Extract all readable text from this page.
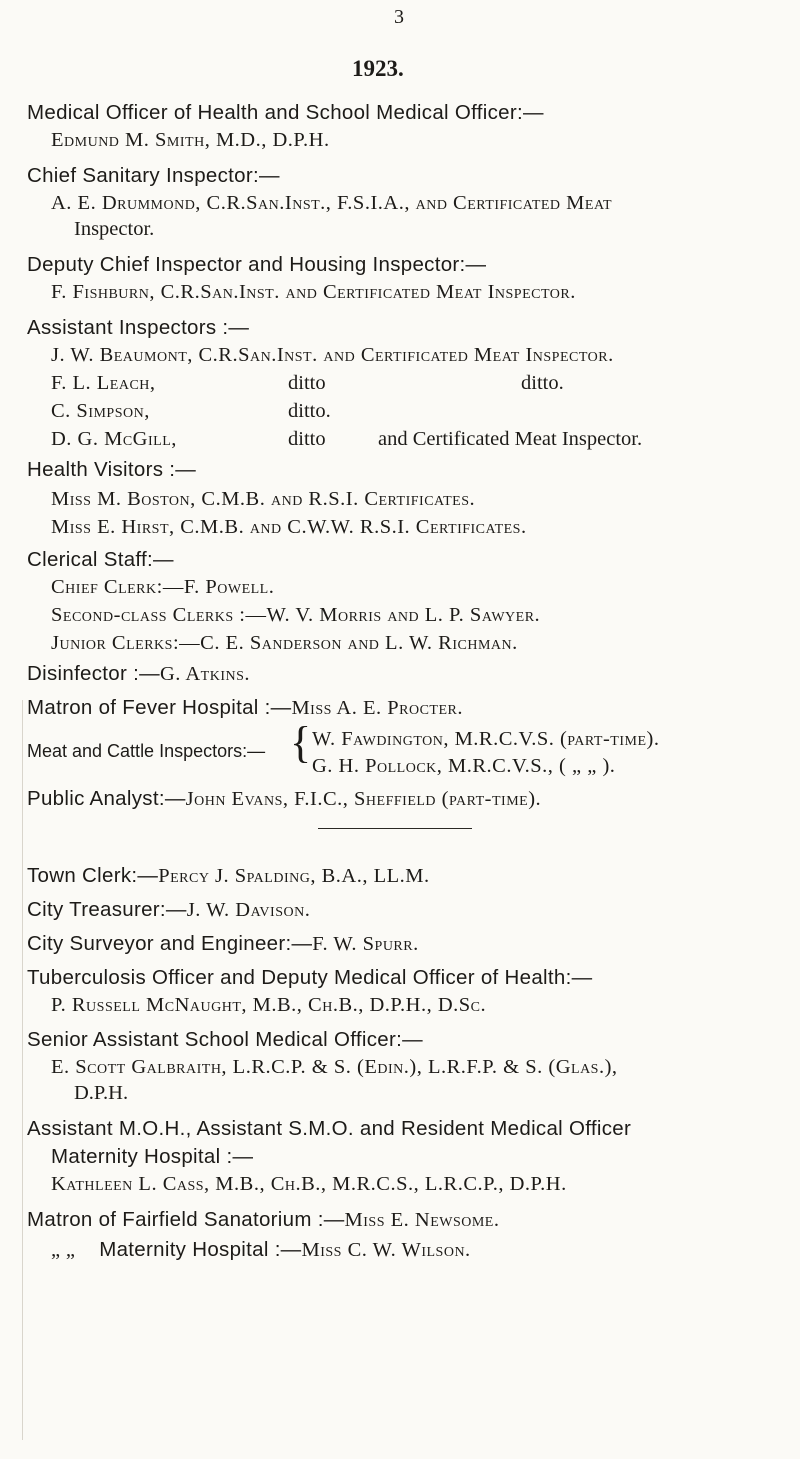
3
1923.
Medical Officer of Health and School Medical Officer:—
Edmund M. Smith, M.D., D.P.H.
Chief Sanitary Inspector:—
A. E. Drummond, C.R.San.Inst., F.S.I.A., and Certificated Meat
Inspector.
Deputy Chief Inspector and Housing Inspector:—
F. Fishburn, C.R.San.Inst. and Certificated Meat Inspector.
Assistant Inspectors :—
J. W. Beaumont, C.R.San.Inst. and Certificated Meat Inspector.
F. L. Leach,	ditto	ditto.
C. Simpson,	ditto.
D. G. McGill,	ditto	and Certificated Meat Inspector.
Health Visitors :—
Miss M. Boston, C.M.B. and R.S.I. Certificates.
Miss E. Hirst, C.M.B. and C.W.W. R.S.I. Certificates.
Clerical Staff:—
Chief Clerk:—F. Powell.
Second-class Clerks :—W. V. Morris and L. P. Sawyer.
Junior Clerks:—C. E. Sanderson and L. W. Richman.
Disinfector :—G. Atkins.
Matron of Fever Hospital :—Miss A. E. Procter.
Meat and Cattle Inspectors:— { W. Fawdington, M.R.C.V.S. (part-time).
G. H. Pollock, M.R.C.V.S., ( „ „ ).
Public Analyst:—John Evans, F.I.C., Sheffield (part-time).
Town Clerk:—Percy J. Spalding, B.A., LL.M.
City Treasurer:—J. W. Davison.
City Surveyor and Engineer:—F. W. Spurr.
Tuberculosis Officer and Deputy Medical Officer of Health:—
P. Russell McNaught, M.B., Ch.B., D.P.H., D.Sc.
Senior Assistant School Medical Officer:—
E. Scott Galbraith, L.R.C.P. & S. (Edin.), L.R.F.P. & S. (Glas.),
D.P.H.
Assistant M.O.H., Assistant S.M.O. and Resident Medical Officer
Maternity Hospital :—
Kathleen L. Cass, M.B., Ch.B., M.R.C.S., L.R.C.P., D.P.H.
Matron of Fairfield Sanatorium :—Miss E. Newsome.
„ „ Maternity Hospital :—Miss C. W. Wilson.
